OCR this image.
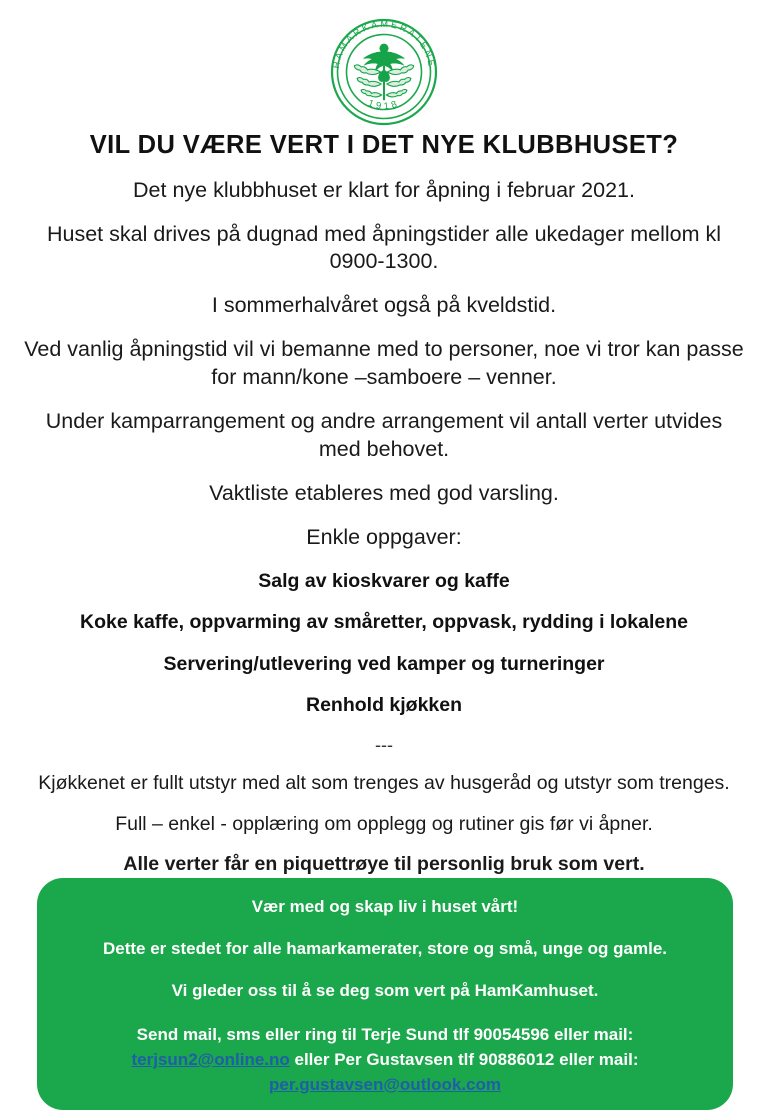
HAMARKAMERATENE
1918
VIL DU VÆRE VERT I DET NYE KLUBBHUSET?

Det nye klubbhuset er klart for åpning i februar 2021.

Huset skal drives på dugnad med åpningstider alle ukedager mellom kl 0900-1300.

I sommerhalvåret også på kveldstid.

Ved vanlig åpningstid vil vi bemanne med to personer, noe vi tror kan passe for mann/kone –samboere – venner.

Under kamparrangement og andre arrangement vil antall verter utvides med behovet.

Vaktliste etableres med god varsling.

Enkle oppgaver:

Salg av kioskvarer og kaffe

Koke kaffe, oppvarming av småretter, oppvask, rydding i lokalene

Servering/utlevering ved kamper og turneringer

Renhold kjøkken

---

Kjøkkenet er fullt utstyr med alt som trenges av husgeråd og utstyr som trenges.

Full – enkel - opplæring om opplegg og rutiner gis før vi åpner.

Alle verter får en piquettrøye til personlig bruk som vert.

Vær med og skap liv i huset vårt!

Dette er stedet for alle hamarkamerater, store og små, unge og gamle.

Vi gleder oss til å se deg som vert på HamKamhuset.

Send mail, sms eller ring til Terje Sund tlf 90054596 eller mail: terjsun2@online.no eller Per Gustavsen tlf 90886012 eller mail: per.gustavsen@outlook.com
